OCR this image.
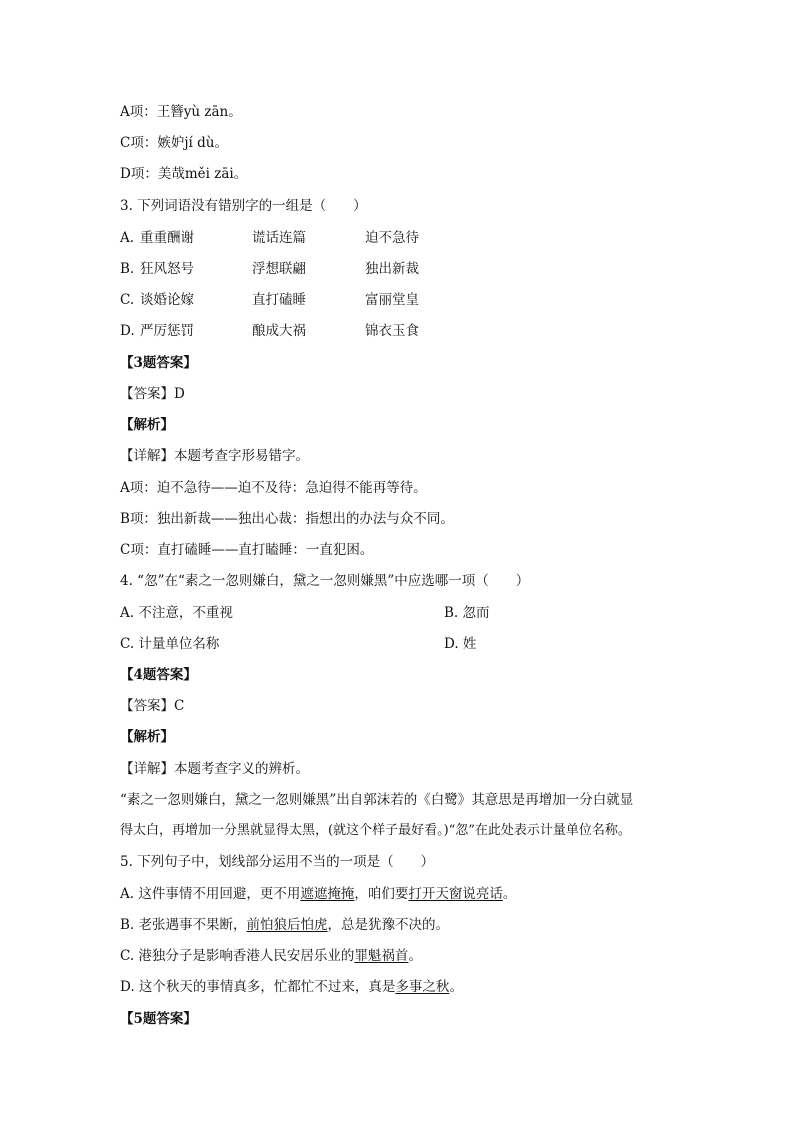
A项：王簪yù zān。
C项：嫉妒jí dù。
D项：美哉měi zāi。
3. 下列词语没有错别字的一组是（　　）
A. 重重酬谢	谎话连篇	迫不急待
B. 狂风怒号	浮想联翩	独出新裁
C. 谈婚论嫁	直打磕睡	富丽堂皇
D. 严厉惩罚	酿成大祸	锦衣玉食
【3题答案】
【答案】D
【解析】
【详解】本题考查字形易错字。
A项：迫不急待——迫不及待：急迫得不能再等待。
B项：独出新裁——独出心裁：指想出的办法与众不同。
C项：直打磕睡——直打瞌睡：一直犯困。
4. “忽”在“素之一忽则嫌白，黛之一忽则嫌黑”中应选哪一项（　　）
A. 不注意，不重视	B. 忽而
C. 计量单位名称	D. 姓
【4题答案】
【答案】C
【解析】
【详解】本题考查字义的辨析。
“素之一忽则嫌白，黛之一忽则嫌黑”出自郭沫若的《白鹭》其意思是再增加一分白就显
得太白，再增加一分黑就显得太黑，(就这个样子最好看。)“忽”在此处表示计量单位名称。
5. 下列句子中，划线部分运用不当的一项是（　　）
A. 这件事情不用回避，更不用遮遮掩掩，咱们要打开天窗说亮话。
B. 老张遇事不果断，前怕狼后怕虎，总是犹豫不决的。
C. 港独分子是影响香港人民安居乐业的罪魁祸首。
D. 这个秋天的事情真多，忙都忙不过来，真是多事之秋。
【5题答案】
